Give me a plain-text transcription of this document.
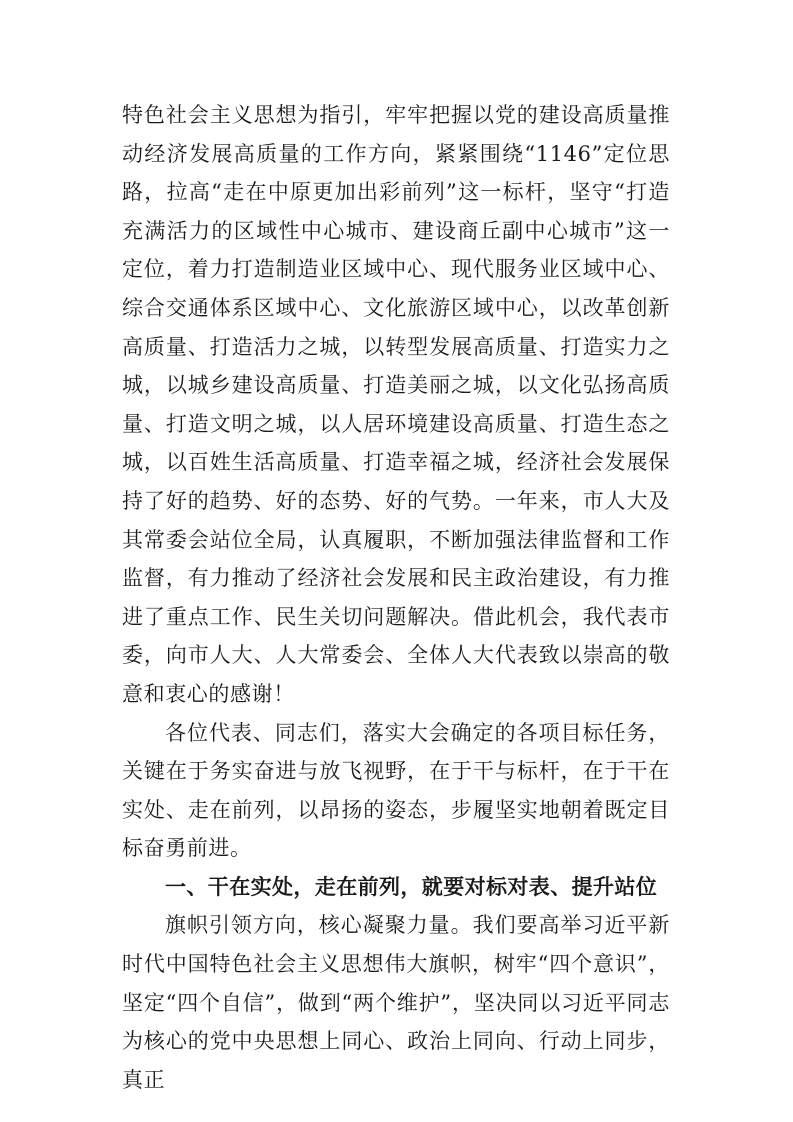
特色社会主义思想为指引，牢牢把握以党的建设高质量推动经济发展高质量的工作方向，紧紧围绕“1146”定位思路，拉高“走在中原更加出彩前列”这一标杆，坚守“打造充满活力的区域性中心城市、建设商丘副中心城市”这一定位，着力打造制造业区域中心、现代服务业区域中心、综合交通体系区域中心、文化旅游区域中心，以改革创新高质量、打造活力之城，以转型发展高质量、打造实力之城，以城乡建设高质量、打造美丽之城，以文化弘扬高质量、打造文明之城，以人居环境建设高质量、打造生态之城，以百姓生活高质量、打造幸福之城，经济社会发展保持了好的趋势、好的态势、好的气势。一年来，市人大及其常委会站位全局，认真履职，不断加强法律监督和工作监督，有力推动了经济社会发展和民主政治建设，有力推进了重点工作、民生关切问题解决。借此机会，我代表市委，向市人大、人大常委会、全体人大代表致以崇高的敬意和衷心的感谢！

各位代表、同志们，落实大会确定的各项目标任务，关键在于务实奋进与放飞视野，在于干与标杆，在于干在实处、走在前列，以昂扬的姿态，步履坚实地朝着既定目标奋勇前进。

一、干在实处，走在前列，就要对标对表、提升站位

旗帜引领方向，核心凝聚力量。我们要高举习近平新时代中国特色社会主义思想伟大旗帜，树牢“四个意识”，坚定“四个自信”，做到“两个维护”，坚决同以习近平同志为核心的党中央思想上同心、政治上同向、行动上同步，真正
